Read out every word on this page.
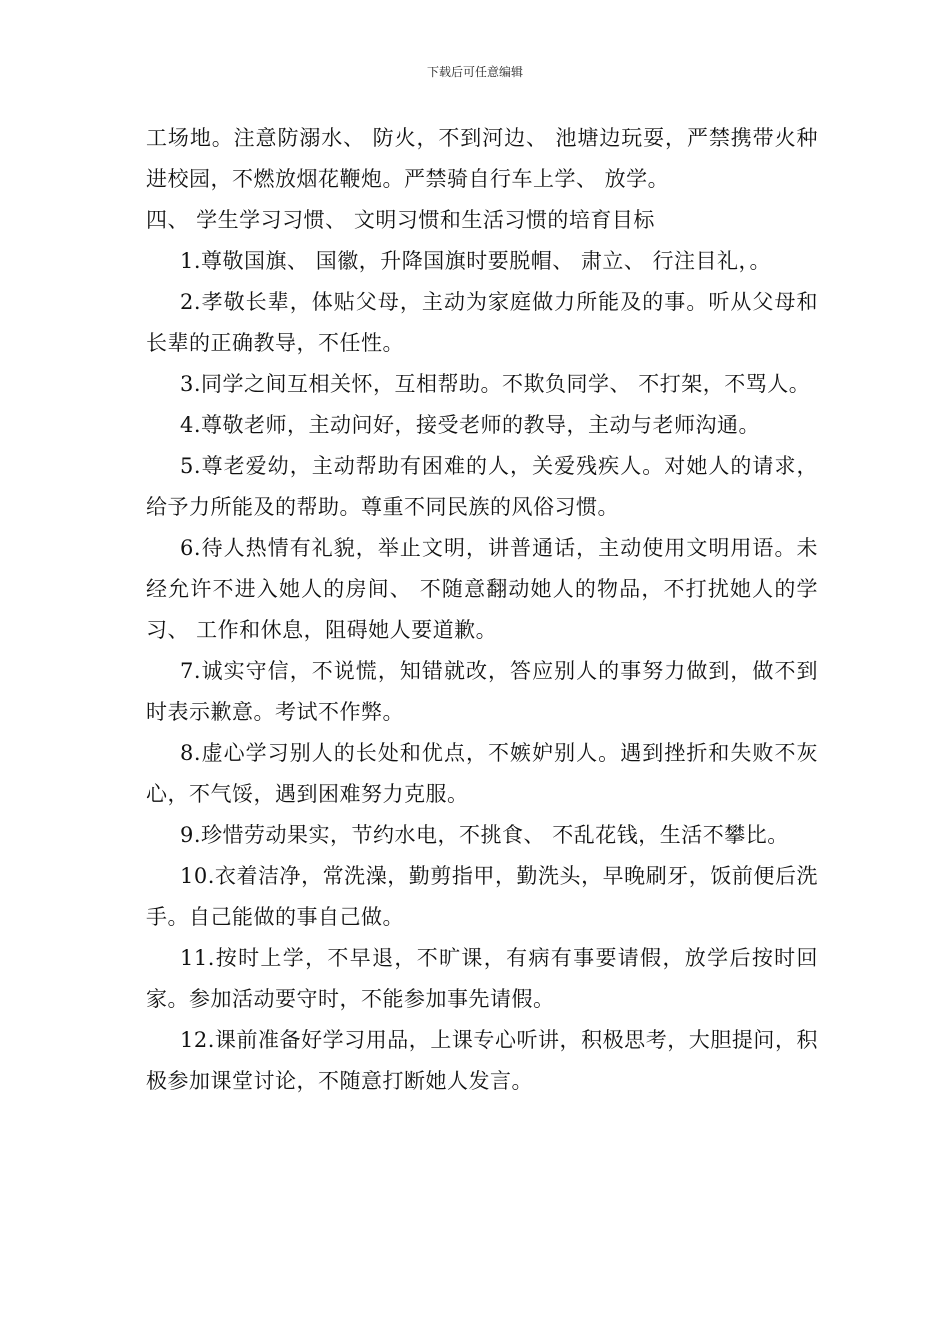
下载后可任意编辑

工场地。注意防溺水、 防火，不到河边、 池塘边玩耍，严禁携带火种进校园，不燃放烟花鞭炮。严禁骑自行车上学、 放学。

四、 学生学习习惯、 文明习惯和生活习惯的培育目标

1.尊敬国旗、 国徽，升降国旗时要脱帽、 肃立、 行注目礼，。

2.孝敬长辈，体贴父母，主动为家庭做力所能及的事。听从父母和长辈的正确教导，不任性。

3.同学之间互相关怀，互相帮助。不欺负同学、 不打架，不骂人。

4.尊敬老师，主动问好，接受老师的教导，主动与老师沟通。

5.尊老爱幼，主动帮助有困难的人，关爱残疾人。对她人的请求，给予力所能及的帮助。尊重不同民族的风俗习惯。

6.待人热情有礼貌，举止文明，讲普通话，主动使用文明用语。未经允许不进入她人的房间、 不随意翻动她人的物品，不打扰她人的学习、 工作和休息，阻碍她人要道歉。

7.诚实守信，不说慌，知错就改，答应别人的事努力做到，做不到时表示歉意。考试不作弊。

8.虚心学习别人的长处和优点，不嫉妒别人。遇到挫折和失败不灰心，不气馁，遇到困难努力克服。

9.珍惜劳动果实，节约水电，不挑食、 不乱花钱，生活不攀比。

10.衣着洁净，常洗澡，勤剪指甲，勤洗头，早晚刷牙，饭前便后洗手。自己能做的事自己做。

11.按时上学，不早退，不旷课，有病有事要请假，放学后按时回家。参加活动要守时，不能参加事先请假。

12.课前准备好学习用品，上课专心听讲，积极思考，大胆提问，积极参加课堂讨论，不随意打断她人发言。
